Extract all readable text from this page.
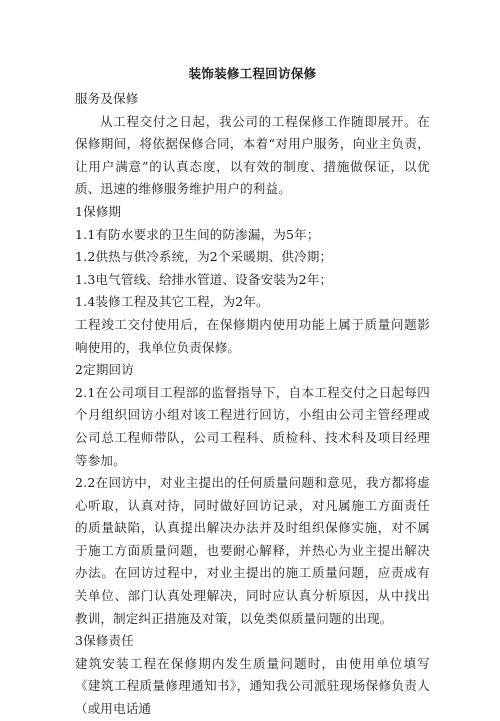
装饰装修工程回访保修

服务及保修

从工程交付之日起，我公司的工程保修工作随即展开。在保修期间，将依据保修合同，本着“对用户服务，向业主负责，让用户满意”的认真态度，以有效的制度、措施做保证，以优质、迅速的维修服务维护用户的利益。

1保修期

1.1有防水要求的卫生间的防渗漏，为5年；

1.2供热与供冷系统，为2个采暖期、供冷期；

1.3电气管线、给排水管道、设备安装为2年；

1.4装修工程及其它工程，为2年。

工程竣工交付使用后，在保修期内使用功能上属于质量问题影响使用的，我单位负责保修。

2定期回访

2.1在公司项目工程部的监督指导下，自本工程交付之日起每四个月组织回访小组对该工程进行回访，小组由公司主管经理或公司总工程师带队，公司工程科、质检科、技术科及项目经理等参加。

2.2在回访中，对业主提出的任何质量问题和意见，我方都将虚心听取，认真对待，同时做好回访记录，对凡属施工方面责任的质量缺陷，认真提出解决办法并及时组织保修实施，对不属于施工方面质量问题，也要耐心解释，并热心为业主提出解决办法。在回访过程中，对业主提出的施工质量问题，应责成有关单位、部门认真处理解决，同时应认真分析原因，从中找出教训，制定纠正措施及对策，以免类似质量问题的出现。

3保修责任

建筑安装工程在保修期内发生质量问题时，由使用单位填写《建筑工程质量修理通知书》，通知我公司派驻现场保修负责人（或用电话通
